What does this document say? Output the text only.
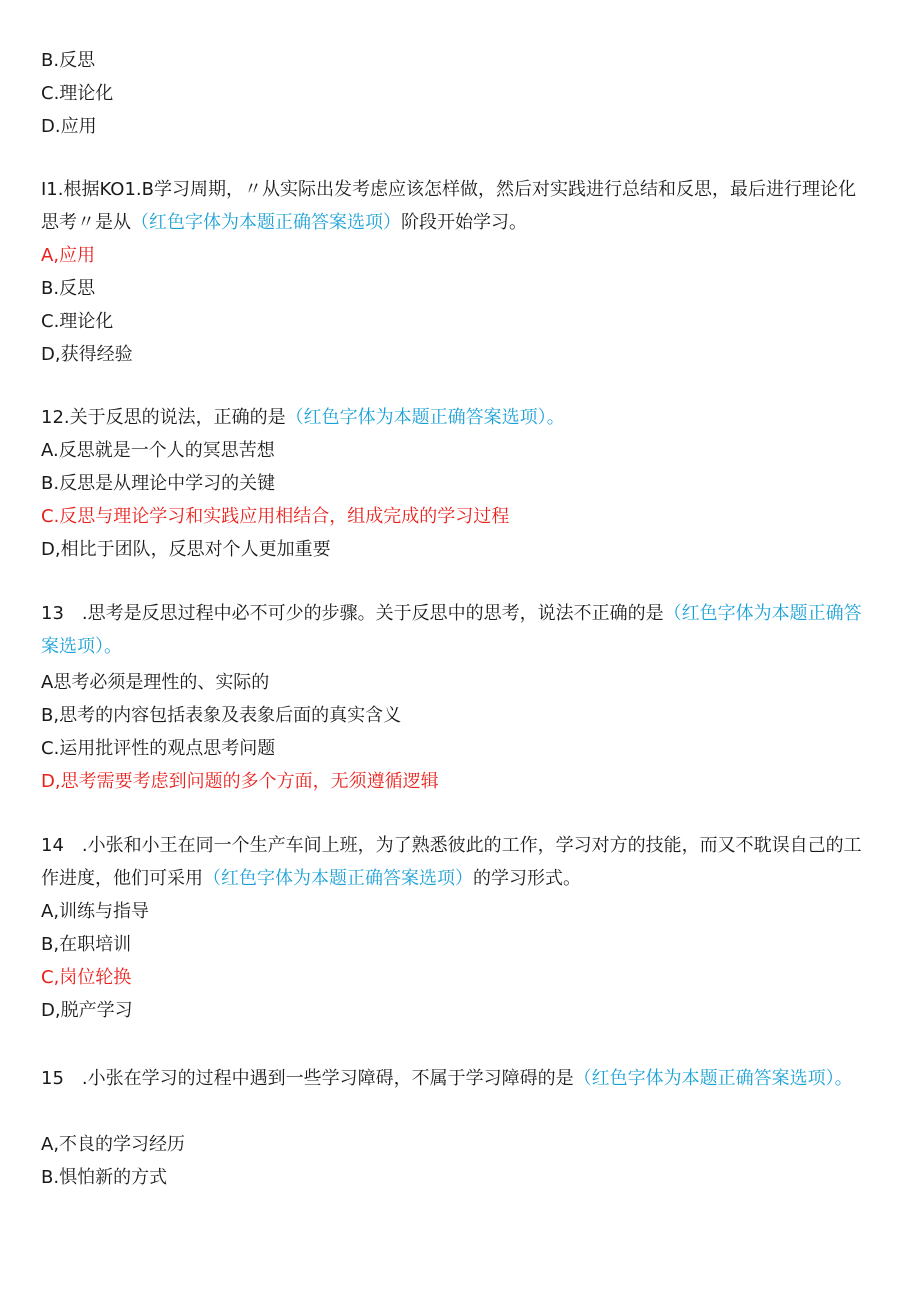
B.反思
C.理论化
D.应用
I1.根据KO1.B学习周期，〃从实际出发考虑应该怎样做，然后对实践进行总结和反思，最后进行理论化
思考〃是从（红色字体为本题正确答案选项）阶段开始学习。
A,应用
B.反思
C.理论化
D,获得经验
12.关于反思的说法，正确的是（红色字体为本题正确答案选项）。
A.反思就是一个人的冥思苦想
B.反思是从理论中学习的关键
C.反思与理论学习和实践应用相结合，组成完成的学习过程
D,相比于团队，反思对个人更加重要
13　.思考是反思过程中必不可少的步骤。关于反思中的思考，说法不正确的是（红色字体为本题正确答
案选项）。
A思考必须是理性的、实际的
B,思考的内容包括表象及表象后面的真实含义
C.运用批评性的观点思考问题
D,思考需要考虑到问题的多个方面，无须遵循逻辑
14　.小张和小王在同一个生产车间上班，为了熟悉彼此的工作，学习对方的技能，而又不耽误自己的工
作进度，他们可采用（红色字体为本题正确答案选项）的学习形式。
A,训练与指导
B,在职培训
C,岗位轮换
D,脱产学习
15　.小张在学习的过程中遇到一些学习障碍，不属于学习障碍的是（红色字体为本题正确答案选项）。
A,不良的学习经历
B.惧怕新的方式
